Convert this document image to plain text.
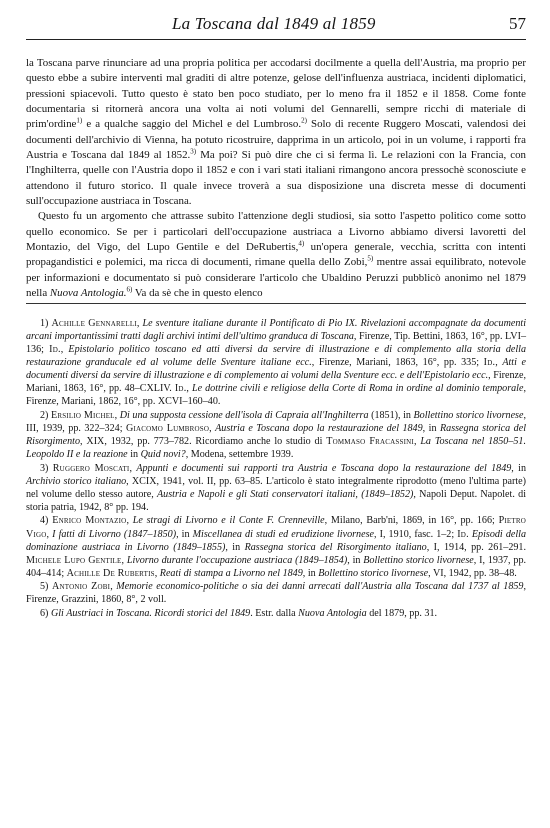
La Toscana dal 1849 al 1859	57

la Toscana parve rinunciare ad una propria politica per accodarsi docilmente a quella dell'Austria, ma proprio per questo ebbe a subire interventi mal graditi di altre potenze, gelose dell'influenza austriaca, incidenti diplomatici, pressioni spiacevoli. Tutto questo è stato ben poco studiato, per lo meno fra il 1852 e il 1858. Come fonte documentaria si ritornerà ancora una volta ai noti volumi del Gennarelli, sempre ricchi di materiale di prim'ordine$^{1)}$ e a qualche saggio del Michel e del Lumbroso.$^{2)}$ Solo di recente Ruggero Moscati, valendosi dei documenti dell'archivio di Vienna, ha potuto ricostruire, dapprima in un articolo, poi in un volume, i rapporti fra Austria e Toscana dal 1849 al 1852.$^{3)}$ Ma poi? Si può dire che ci si ferma lì. Le relazioni con la Francia, con l'Inghilterra, quelle con l'Austria dopo il 1852 e con i vari stati italiani rimangono ancora pressochè sconosciute e attendono il futuro storico. Il quale invece troverà a sua disposizione una discreta messe di documenti sull'occupazione austriaca in Toscana.

Questo fu un argomento che attrasse subito l'attenzione degli studiosi, sia sotto l'aspetto politico come sotto quello economico. Se per i particolari dell'occupazione austriaca a Livorno abbiamo diversi lavoretti del Montazio, del Vigo, del Lupo Gentile e del DeRubertis,$^{4)}$ un'opera generale, vecchia, scritta con intenti propagandistici e polemici, ma ricca di documenti, rimane quella dello Zobi,$^{5)}$ mentre assai equilibrato, notevole per informazioni e documentato si può considerare l'articolo che Ubaldino Peruzzi pubblicò anonimo nel 1879 nella Nuova Antologia.$^{6)}$ Va da sè che in questo elenco

1) Achille Gennarelli, Le sventure italiane durante il Pontificato di Pio IX. Rivelazioni accompagnate da documenti arcani importantissimi tratti dagli archivi intimi dell'ultimo granduca di Toscana, Firenze, Tip. Bettini, 1863, 16°, pp. LVI–136; Id., Epistolario politico toscano ed atti diversi da servire di illustrazione e di complemento alla storia della restaurazione granducale ed al volume delle Sventure italiane ecc., Firenze, Mariani, 1863, 16°, pp. 335; Id., Atti e documenti diversi da servire di illustrazione e di complemento ai volumi della Sventure ecc. e dell'Epistolario ecc., Firenze, Mariani, 1863, 16°, pp. 48–CXLIV. Id., Le dottrine civili e religiose della Corte di Roma in ordine al dominio temporale, Firenze, Mariani, 1862, 16°, pp. XCVI–160–40.

2) Ersilio Michel, Di una supposta cessione dell'isola di Capraia all'Inghilterra (1851), in Bollettino storico livornese, III, 1939, pp. 322–324; Giacomo Lumbroso, Austria e Toscana dopo la restaurazione del 1849, in Rassegna storica del Risorgimento, XIX, 1932, pp. 773–782. Ricordiamo anche lo studio di Tommaso Fracassini, La Toscana nel 1850–51. Leopoldo II e la reazione in Quid novi?, Modena, settembre 1939.

3) Ruggero Moscati, Appunti e documenti sui rapporti tra Austria e Toscana dopo la restaurazione del 1849, in Archivio storico italiano, XCIX, 1941, vol. II, pp. 63–85. L'articolo è stato integralmente riprodotto (meno l'ultima parte) nel volume dello stesso autore, Austria e Napoli e gli Stati conservatori italiani, (1849–1852), Napoli Deput. Napolet. di storia patria, 1942, 8° pp. 194.

4) Enrico Montazio, Le stragi di Livorno e il Conte F. Crenneville, Milano, Barb'ni, 1869, in 16°, pp. 166; Pietro Vigo, I fatti di Livorno (1847–1850), in Miscellanea di studi ed erudizione livornese, I, 1910, fasc. 1–2; Id. Episodi della dominazione austriaca in Livorno (1849–1855), in Rassegna storica del Risorgimento italiano, I, 1914, pp. 261–291. Michele Lupo Gentile, Livorno durante l'occupazione austriaca (1849–1854), in Bollettino storico livornese, I, 1937, pp. 404–414; Achille De Rubertis, Reati di stampa a Livorno nel 1849, in Bollettino storico livornese, VI, 1942, pp. 38–48.

5) Antonio Zobi, Memorie economico-politiche o sia dei danni arrecati dall'Austria alla Toscana dal 1737 al 1859, Firenze, Grazzini, 1860, 8°, 2 voll.

6) Gli Austriaci in Toscana. Ricordi storici del 1849. Estr. dalla Nuova Antologia del 1879, pp. 31.
